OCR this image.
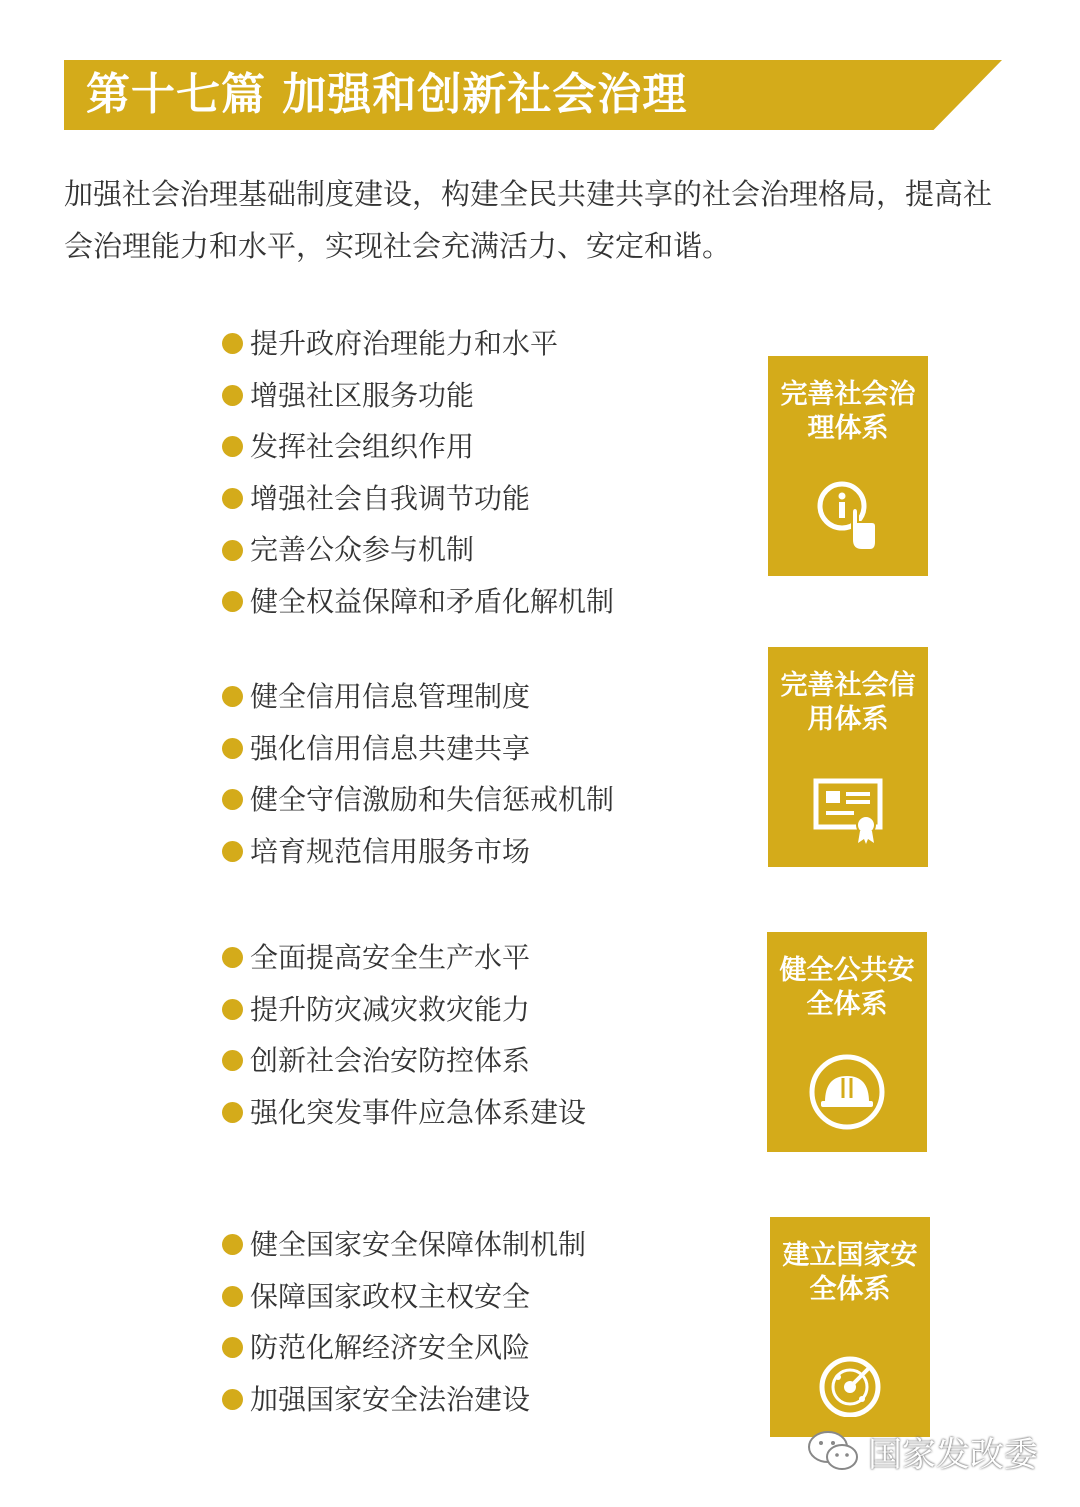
第十七篇 加强和创新社会治理
加强社会治理基础制度建设，构建全民共建共享的社会治理格局，提高社会治理能力和水平，实现社会充满活力、安定和谐。
提升政府治理能力和水平
增强社区服务功能
发挥社会组织作用
增强社会自我调节功能
完善公众参与机制
健全权益保障和矛盾化解机制
完善社会治理体系
健全信用信息管理制度
强化信用信息共建共享
健全守信激励和失信惩戒机制
培育规范信用服务市场
完善社会信用体系
全面提高安全生产水平
提升防灾减灾救灾能力
创新社会治安防控体系
强化突发事件应急体系建设
健全公共安全体系
健全国家安全保障体制机制
保障国家政权主权安全
防范化解经济安全风险
加强国家安全法治建设
建立国家安全体系
国家发改委
